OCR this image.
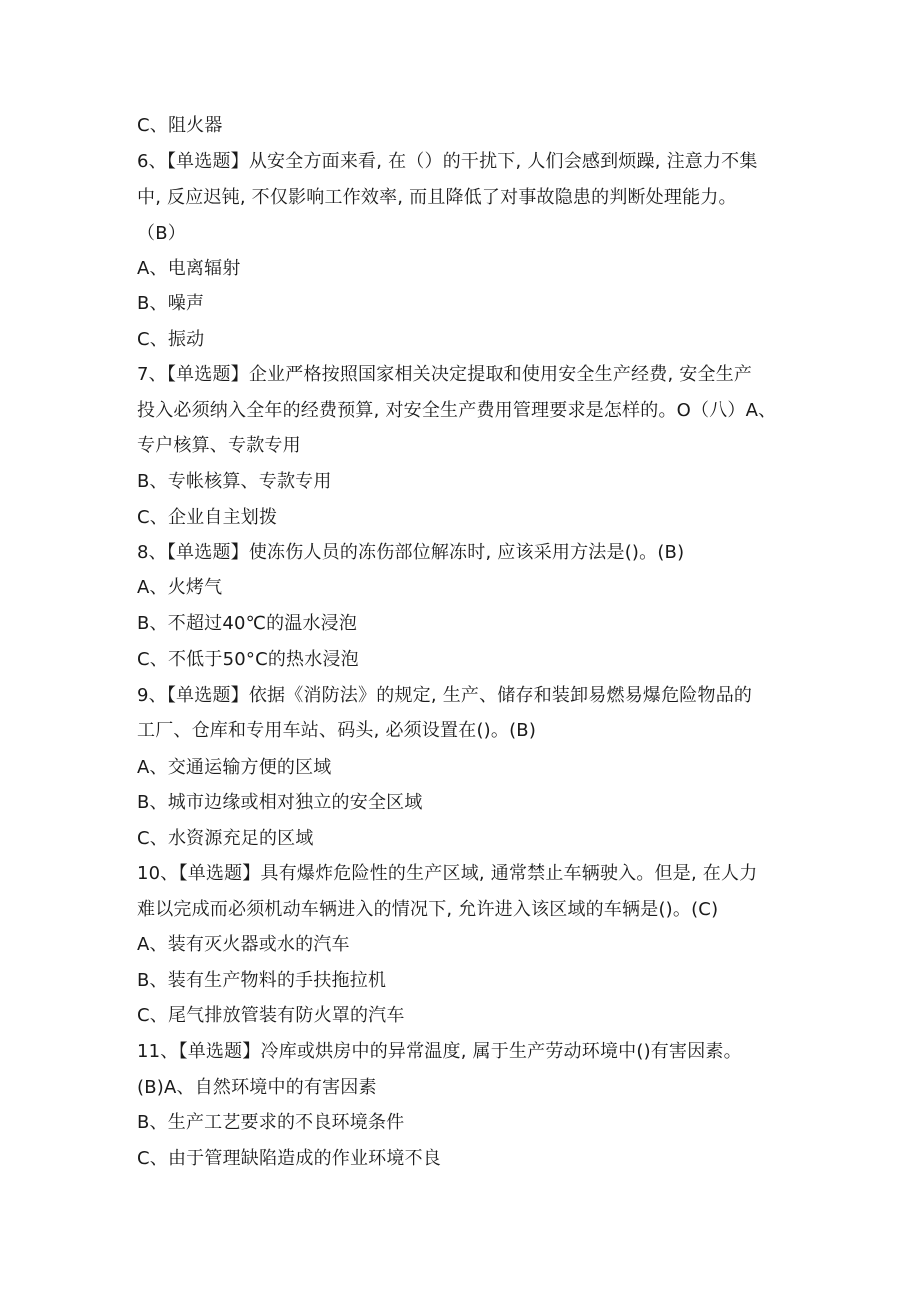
C、阻火器
6、【单选题】从安全方面来看, 在（）的干扰下, 人们会感到烦躁, 注意力不集
中, 反应迟钝, 不仅影响工作效率, 而且降低了对事故隐患的判断处理能力。
（B）
A、电离辐射
B、噪声
C、振动
7、【单选题】企业严格按照国家相关决定提取和使用安全生产经费, 安全生产
投入必须纳入全年的经费预算, 对安全生产费用管理要求是怎样的。O（八）A、
专户核算、专款专用
B、专帐核算、专款专用
C、企业自主划拨
8、【单选题】使冻伤人员的冻伤部位解冻时, 应该采用方法是()。(B)
A、火烤气
B、不超过40℃的温水浸泡
C、不低于50°C的热水浸泡
9、【单选题】依据《消防法》的规定, 生产、储存和装卸易燃易爆危险物品的
工厂、仓库和专用车站、码头, 必须设置在()。(B)
A、交通运输方便的区域
B、城市边缘或相对独立的安全区域
C、水资源充足的区域
10、【单选题】具有爆炸危险性的生产区域, 通常禁止车辆驶入。但是, 在人力
难以完成而必须机动车辆进入的情况下, 允许进入该区域的车辆是()。(C)
A、装有灭火器或水的汽车
B、装有生产物料的手扶拖拉机
C、尾气排放管装有防火罩的汽车
11、【单选题】冷库或烘房中的异常温度, 属于生产劳动环境中()有害因素。
(B)A、自然环境中的有害因素
B、生产工艺要求的不良环境条件
C、由于管理缺陷造成的作业环境不良
